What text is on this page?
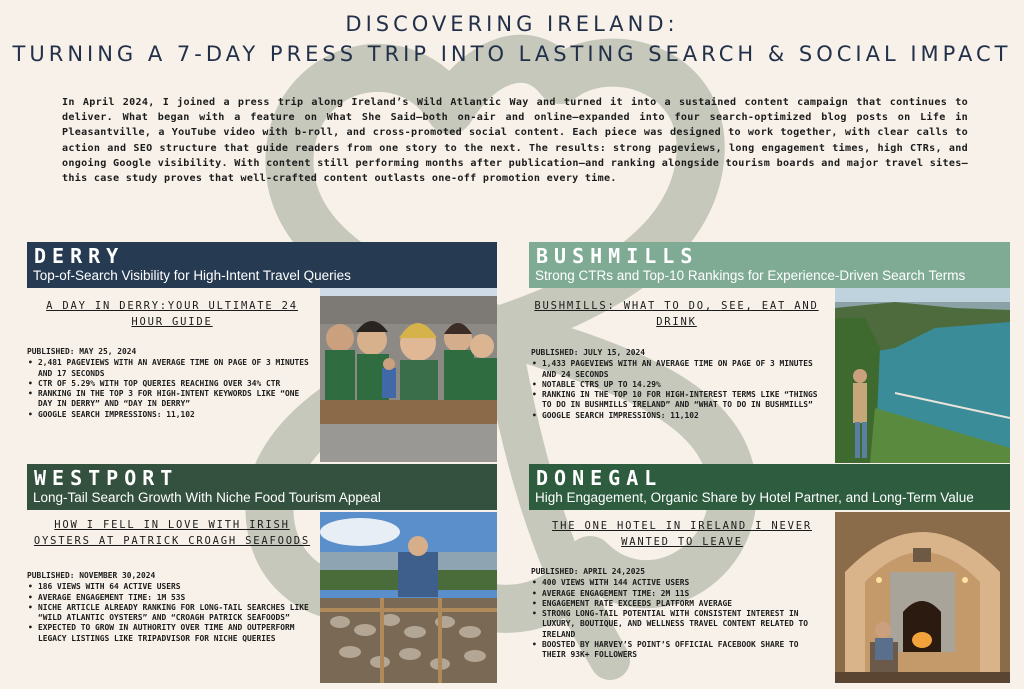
DISCOVERING IRELAND:
TURNING A 7-DAY PRESS TRIP INTO LASTING SEARCH & SOCIAL IMPACT
In April 2024, I joined a press trip along Ireland’s Wild Atlantic Way and turned it into a sustained content campaign that continues to deliver. What began with a feature on What She Said—both on-air and online—expanded into four search-optimized blog posts on Life in Pleasantville, a YouTube video with b-roll, and cross-promoted social content. Each piece was designed to work together, with clear calls to action and SEO structure that guide readers from one story to the next. The results: strong pageviews, long engagement times, high CTRs, and ongoing Google visibility. With content still performing months after publication—and ranking alongside tourism boards and major travel sites—this case study proves that well-crafted content outlasts one-off promotion every time.
DERRY
Top-of-Search Visibility for High-Intent Travel Queries
A DAY IN DERRY:YOUR ULTIMATE 24 HOUR GUIDE
PUBLISHED: MAY 25, 2024
• 2,481 PAGEVIEWS WITH AN AVERAGE TIME ON PAGE OF 3 MINUTES AND 17 SECONDS
• CTR OF 5.29% WITH TOP QUERIES REACHING OVER 34% CTR
• RANKING IN THE TOP 3 FOR HIGH-INTENT KEYWORDS LIKE “ONE DAY IN DERRY” AND “DAY IN DERRY”
• GOOGLE SEARCH IMPRESSIONS: 11,102
BUSHMILLS
Strong CTRs and Top-10 Rankings for Experience-Driven Search Terms
BUSHMILLS: WHAT TO DO, SEE, EAT AND DRINK
PUBLISHED: JULY 15, 2024
• 1,433 PAGEVIEWS WITH AN AVERAGE TIME ON PAGE OF 3 MINUTES AND 24 SECONDS
• NOTABLE CTRS UP TO 14.29%
• RANKING IN THE TOP 10 FOR HIGH-INTEREST TERMS LIKE “THINGS TO DO IN BUSHMILLS IRELAND” AND “WHAT TO DO IN BUSHMILLS”
• GOOGLE SEARCH IMPRESSIONS: 11,102
WESTPORT
Long-Tail Search Growth With Niche Food Tourism Appeal
HOW I FELL IN LOVE WITH IRISH OYSTERS AT PATRICK CROAGH SEAFOODS
PUBLISHED: NOVEMBER 30,2024
• 186 VIEWS WITH 64 ACTIVE USERS
• AVERAGE ENGAGEMENT TIME: 1M 53S
• NICHE ARTICLE ALREADY RANKING FOR LONG-TAIL SEARCHES LIKE “WILD ATLANTIC OYSTERS” AND “CROAGH PATRICK SEAFOODS”
• EXPECTED TO GROW IN AUTHORITY OVER TIME AND OUTPERFORM LEGACY LISTINGS LIKE TRIPADVISOR FOR NICHE QUERIES
DONEGAL
High Engagement, Organic Share by Hotel Partner, and Long-Term Value
THE ONE HOTEL IN IRELAND I NEVER WANTED TO LEAVE
PUBLISHED: APRIL 24,2025
• 400 VIEWS WITH 144 ACTIVE USERS
• AVERAGE ENGAGEMENT TIME: 2M 11S
• ENGAGEMENT RATE EXCEEDS PLATFORM AVERAGE
• STRONG LONG-TAIL POTENTIAL WITH CONSISTENT INTEREST IN LUXURY, BOUTIQUE, AND WELLNESS TRAVEL CONTENT RELATED TO IRELAND
• BOOSTED BY HARVEY’S POINT’S OFFICIAL FACEBOOK SHARE TO THEIR 93K+ FOLLOWERS
